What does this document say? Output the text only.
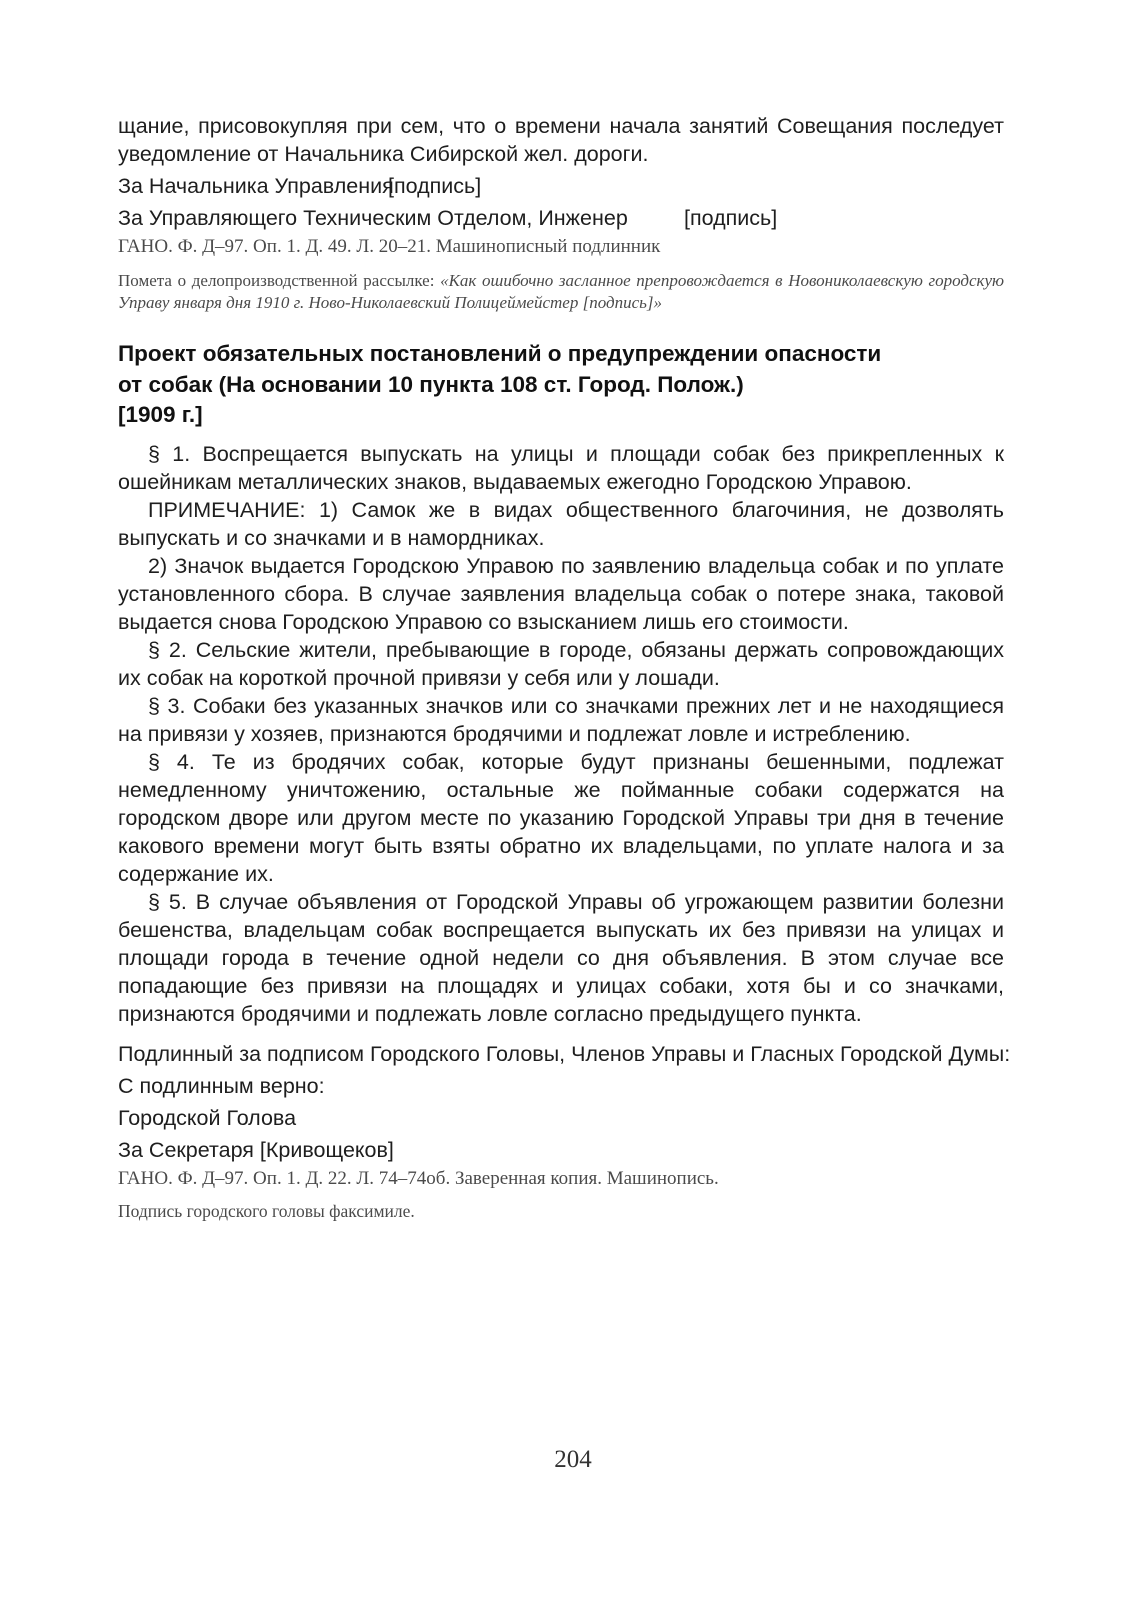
щание, присовокупляя при сем, что о времени начала занятий Совещания последует уведомление от Начальника Сибирской жел. дороги.

За Начальника Управления[подпись]

За Управляющего Техническим Отделом, Инженер	[подпись]

ГАНО. Ф. Д–97. Оп. 1. Д. 49. Л. 20–21. Машинописный подлинник

Помета о делопроизводственной рассылке: «Как ошибочно засланное препровождается в Новониколаевскую городскую Управу января дня 1910 г. Ново-Николаевский Полицеймейстер [подпись]»

Проект обязательных постановлений о предупреждении опасности
от собак (На основании 10 пункта 108 ст. Город. Полож.)
[1909 г.]

§ 1. Воспрещается выпускать на улицы и площади собак без прикрепленных к ошейникам металлических знаков, выдаваемых ежегодно Городскою Управою.

ПРИМЕЧАНИЕ: 1) Самок же в видах общественного благочиния, не дозволять выпускать и со значками и в намордниках.

2) Значок выдается Городскою Управою по заявлению владельца собак и по уплате установленного сбора. В случае заявления владельца собак о потере знака, таковой выдается снова Городскою Управою со взысканием лишь его стоимости.

§ 2. Сельские жители, пребывающие в городе, обязаны держать сопровождающих их собак на короткой прочной привязи у себя или у лошади.

§ 3. Собаки без указанных значков или со значками прежних лет и не находящиеся на привязи у хозяев, признаются бродячими и подлежат ловле и истреблению.

§ 4. Те из бродячих собак, которые будут признаны бешенными, подлежат немедленному уничтожению, остальные же пойманные собаки содержатся на городском дворе или другом месте по указанию Городской Управы три дня в течение какового времени могут быть взяты обратно их владельцами, по уплате налога и за содержание их.

§ 5. В случае объявления от Городской Управы об угрожающем развитии болезни бешенства, владельцам собак воспрещается выпускать их без привязи на улицах и площади города в течение одной недели со дня объявления. В этом случае все попадающие без привязи на площадях и улицах собаки, хотя бы и со значками, признаются бродячими и подлежать ловле согласно предыдущего пункта.

Подлинный за подписом Городского Головы, Членов Управы и Гласных Городской Думы:

С подлинным верно:

Городской Голова

За Секретаря [Кривощеков]

ГАНО. Ф. Д–97. Оп. 1. Д. 22. Л. 74–74об. Заверенная копия. Машинопись.

Подпись городского головы факсимиле.

204
